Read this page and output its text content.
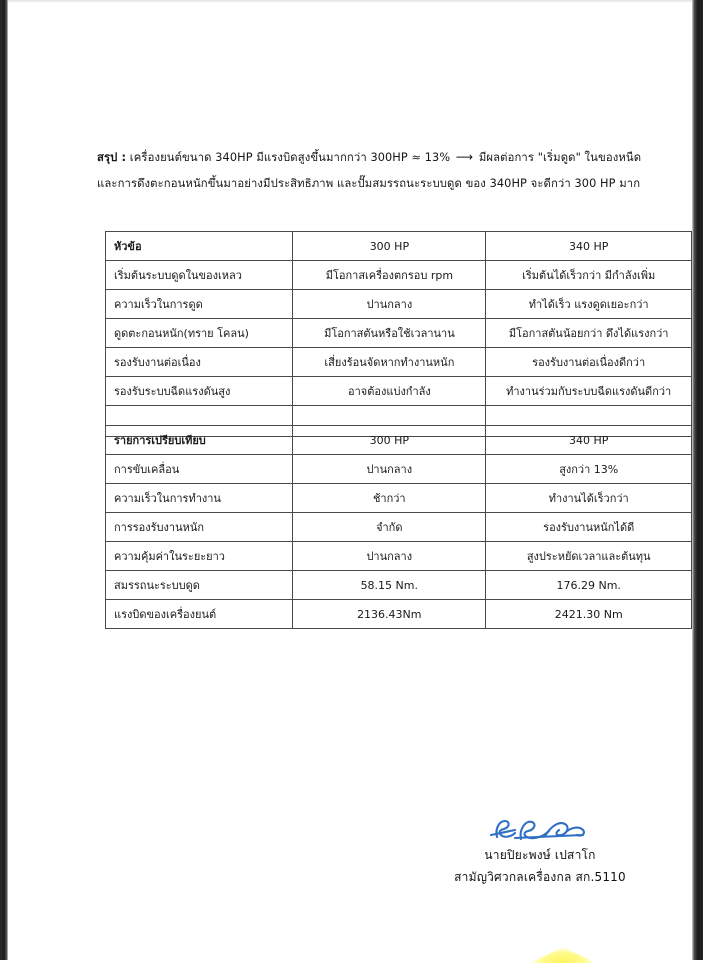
สรุป : เครื่องยนต์ขนาด 340HP มีแรงบิดสูงขึ้นมากกว่า 300HP ≈ 13% ⟶ มีผลต่อการ "เริ่มดูด" ในของหนืดและการดึงตะกอนหนักขึ้นมาอย่างมีประสิทธิภาพ และปั๊มสมรรถนะระบบดูด ของ 340HP จะดีกว่า 300 HP มาก

หัวข้อ	300 HP	340 HP
เริ่มต้นระบบดูดในของเหลว	มีโอกาสเครื่องตกรอบ rpm	เริ่มต้นได้เร็วกว่า มีกำลังเพิ่ม
ความเร็วในการดูด	ปานกลาง	ทำได้เร็ว แรงดูดเยอะกว่า
ดูดตะกอนหนัก(ทราย โคลน)	มีโอกาสตันหรือใช้เวลานาน	มีโอกาสตันน้อยกว่า ดึงได้แรงกว่า
รองรับงานต่อเนื่อง	เสี่ยงร้อนจัดหากทำงานหนัก	รองรับงานต่อเนื่องดีกว่า
รองรับระบบฉีดแรงดันสูง	อาจต้องแบ่งกำลัง	ทำงานร่วมกับระบบฉีดแรงดันดีกว่า

รายการเปรียบเทียบ	300 HP	340 HP
การขับเคลื่อน	ปานกลาง	สูงกว่า 13%
ความเร็วในการทำงาน	ช้ากว่า	ทำงานได้เร็วกว่า
การรองรับงานหนัก	จำกัด	รองรับงานหนักได้ดี
ความคุ้มค่าในระยะยาว	ปานกลาง	สูงประหยัดเวลาและต้นทุน
สมรรถนะระบบดูด	58.15 Nm.	176.29 Nm.
แรงบิดของเครื่องยนต์	2136.43Nm	2421.30 Nm
นายปิยะพงษ์ เปสาโก
สามัญวิศวกลเครื่องกล สก.5110
